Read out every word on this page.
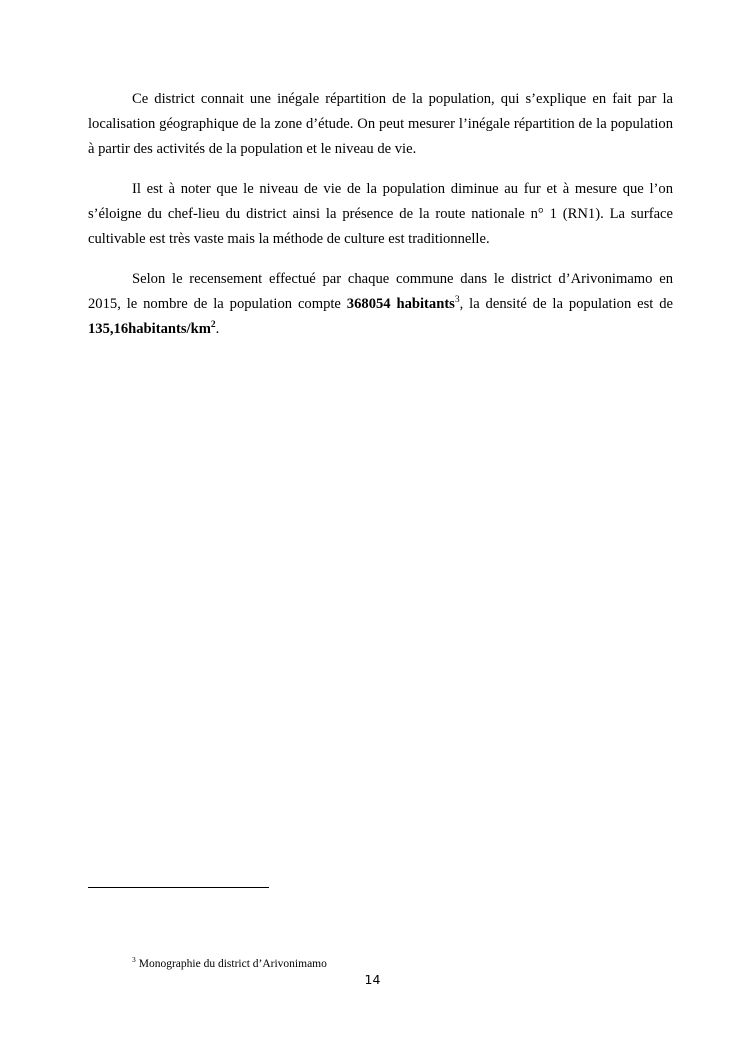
Ce district connait une inégale répartition de la population, qui s’explique en fait par la localisation géographique de la zone d’étude. On peut mesurer l’inégale répartition de la population à partir des activités de la population et le niveau de vie.

Il est à noter que le niveau de vie de la population diminue au fur et à mesure que l’on s’éloigne du chef-lieu du district ainsi la présence de la route nationale n° 1 (RN1). La surface cultivable est très vaste mais la méthode de culture est traditionnelle.

Selon le recensement effectué par chaque commune dans le district d’Arivonimamo en 2015, le nombre de la population compte 368054 habitants$^3$, la densité de la population est de $135,16habitants/km^2$.

$^3$ Monographie du district d’Arivonimamo
14
